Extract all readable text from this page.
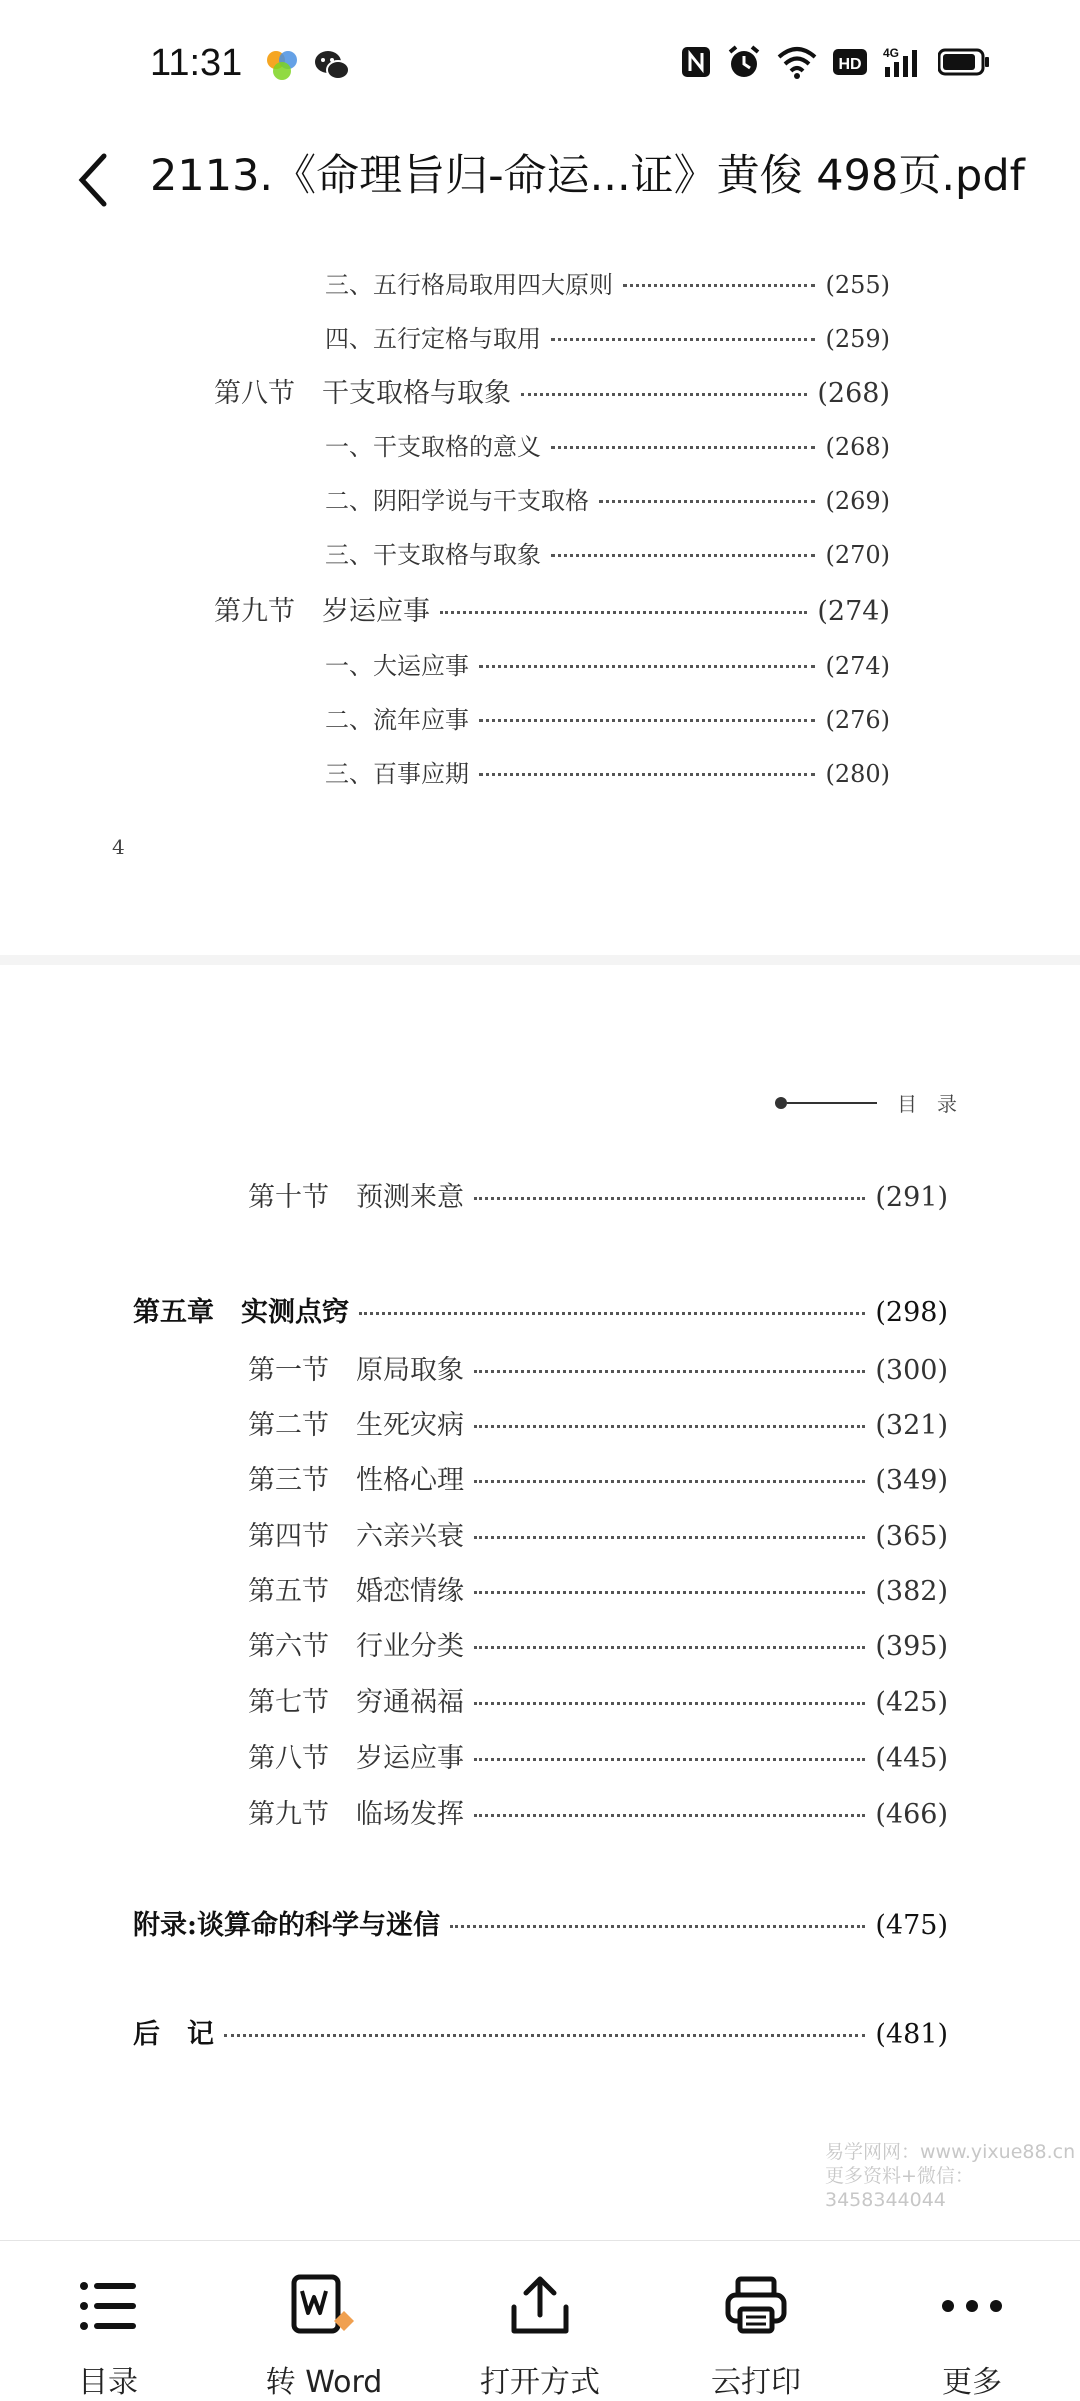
11:31	HD
4G
2113.《命理旨归-命运...证》黄俊 498页.pdf
三、五行格局取用四大原则	(255)
四、五行定格与取用	(259)
第八节　干支取格与取象	(268)
一、干支取格的意义	(268)
二、阴阳学说与干支取格	(269)
三、干支取格与取象	(270)
第九节　岁运应事	(274)
一、大运应事	(274)
二、流年应事	(276)
三、百事应期	(280)
4
目　录
易学网网：www.yixue88.cn
更多资料+微信：3458344044
第十节　预测来意	(291)
第五章　实测点窍	(298)
第一节　原局取象	(300)
第二节　生死灾病	(321)
第三节　性格心理	(349)
第四节　六亲兴衰	(365)
第五节　婚恋情缘	(382)
第六节　行业分类	(395)
第七节　穷通祸福	(425)
第八节　岁运应事	(445)
第九节　临场发挥	(466)
附录:谈算命的科学与迷信	(475)
后　记	(481)
目录	转 Word	打开方式	云打印	更多
